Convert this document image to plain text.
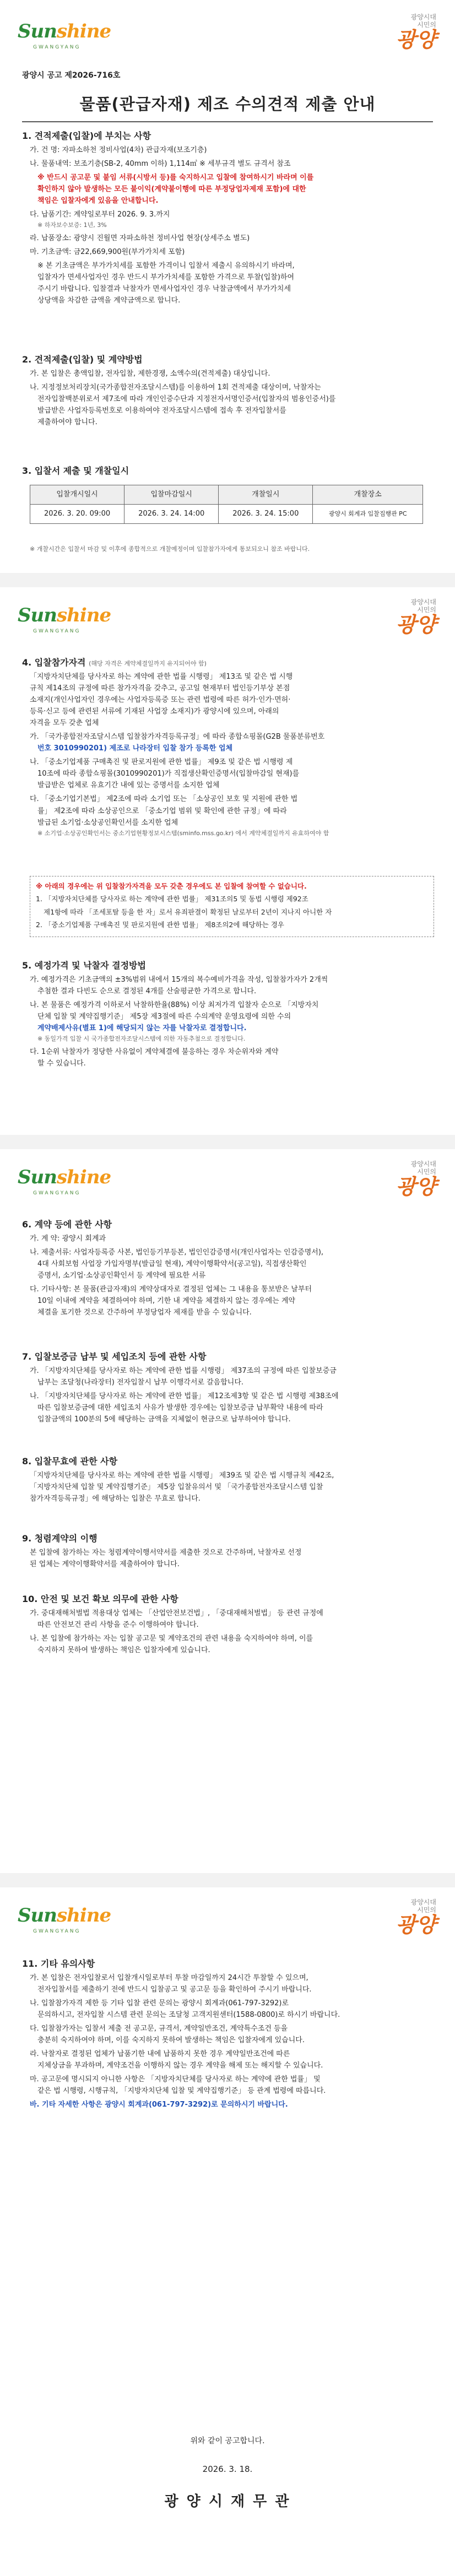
Sunshine
GWANGYANG
광양시대
시민의
광양
광양시 공고 제2026-716호
물품(관급자재) 제조 수의견적 제출 안내
1. 견적제출(입찰)에 부치는 사항

가. 건 명: 자파소하천 정비사업(4차) 관급자재(보조기층)

나. 물품내역: 보조기층(SB-2, 40mm 이하) 1,114㎥ ※ 세부규격 별도 규격서 참조

※ 반드시 공고문 및 붙임 서류(시방서 등)를 숙지하시고 입찰에 참여하시기 바라며 이를

확인하지 않아 발생하는 모든 불이익(계약불이행에 따른 부정당업자제재 포함)에 대한

책임은 입찰자에게 있음을 안내합니다.

다. 납품기간: 계약일로부터 2026. 9. 3.까지

※ 하자보수보증: 1년, 3%

라. 납품장소: 광양시 진월면 자파소하천 정비사업 현장(상세주소 별도)

마. 기초금액: 금22,669,900원(부가가치세 포함)

※ 본 기초금액은 부가가치세를 포함한 가격이니 입찰서 제출시 유의하시기 바라며,

입찰자가 면세사업자인 경우 반드시 부가가치세를 포함한 가격으로 투찰(입찰)하여

주시기 바랍니다. 입찰결과 낙찰자가 면세사업자인 경우 낙찰금액에서 부가가치세

상당액을 차감한 금액을 계약금액으로 합니다.

2. 견적제출(입찰) 및 계약방법

가. 본 입찰은 총액입찰, 전자입찰, 제한경쟁, 소액수의(견적제출) 대상입니다.

나. 지정정보처리장치(국가종합전자조달시스템)를 이용하여 1회 견적제출 대상이며, 낙찰자는

전자입찰백분위로서 제7조에 따라 개인인증수단과 지정전자서명인증서(입찰자의 범용인증서)를

발급받은 사업자등록번호로 이용하여야 전자조달시스템에 접속 후 전자입찰서를

제출하여야 합니다.

3. 입찰서 제출 및 개찰일시
입찰개시일시	입찰마감일시	개찰일시	개찰장소
2026. 3. 20. 09:00	2026. 3. 24. 14:00	2026. 3. 24. 15:00	광양시 회계과 입찰집행관 PC
※ 개찰시간은 입찰서 마감 및 이후에 종합적으로 개찰예정이며 입찰참가자에게 통보되오니 참조 바랍니다.
Sunshine
GWANGYANG
광양시대
시민의
광양
4. 입찰참가자격 (해당 자격은 계약체결일까지 유지되어야 함)

「지방자치단체를 당사자로 하는 계약에 관한 법률 시행령」 제13조 및 같은 법 시행

규칙 제14조의 규정에 따른 참가자격을 갖추고, 공고일 현재부터 법인등기부상 본점

소재지(개인사업자인 경우에는 사업자등록증 또는 관련 법령에 따른 허가·인가·면허·

등록·신고 등에 관련된 서류에 기재된 사업장 소재지)가 광양시에 있으며, 아래의

자격을 모두 갖춘 업체

가. 「국가종합전자조달시스템 입찰참가자격등록규정」에 따라 종합쇼핑몰(G2B 물품분류번호

번호 3010990201) 제조로 나라장터 입찰 참가 등록한 업체

나. 「중소기업제품 구매촉진 및 판로지원에 관한 법률」 제9조 및 같은 법 시행령 제

10조에 따라 종합쇼핑몰(3010990201)가 직접생산확인증명서(입찰마감일 현재)를

발급받은 업체로 유효기간 내에 있는 증명서를 소지한 업체

다. 「중소기업기본법」 제2조에 따라 소기업 또는 「소상공인 보호 및 지원에 관한 법

률」 제2조에 따라 소상공인으로 「중소기업 범위 및 확인에 관한 규정」에 따라

발급된 소기업·소상공인확인서를 소지한 업체

※ 소기업·소상공인확인서는 중소기업현황정보시스템(sminfo.mss.go.kr) 에서 계약체결일까지 유효하여야 함

※ 아래의 경우에는 위 입찰참가자격을 모두 갖춘 경우에도 본 입찰에 참여할 수 없습니다.

1. 「지방자치단체를 당사자로 하는 계약에 관한 법률」 제31조의5 및 동법 시행령 제92조

제1항에 따라 「조세포탈 등을 한 자」로서 유죄판결이 확정된 날로부터 2년이 지나지 아니한 자

2. 「중소기업제품 구매촉진 및 판로지원에 관한 법률」 제8조의2에 해당하는 경우

5. 예정가격 및 낙찰자 결정방법

가. 예정가격은 기초금액의 ±3%범위 내에서 15개의 복수예비가격을 작성, 입찰참가자가 2개씩

추첨한 결과 다빈도 순으로 결정된 4개를 산술평균한 가격으로 합니다.

나. 본 물품은 예정가격 이하로서 낙찰하한율(88%) 이상 최저가격 입찰자 순으로 「지방자치

단체 입찰 및 계약집행기준」 제5장 제3절에 따른 수의계약 운영요령에 의한 수의

계약배제사유(별표 1)에 해당되지 않는 자를 낙찰자로 결정합니다.

※ 동일가격 입찰 시 국가종합전자조달시스템에 의한 자동추첨으로 결정합니다.

다. 1순위 낙찰자가 정당한 사유없이 계약체결에 불응하는 경우 차순위자와 계약

할 수 있습니다.

Sunshine
GWANGYANG
광양시대
시민의
광양
6. 계약 등에 관한 사항

가. 계 약: 광양시 회계과

나. 제출서류: 사업자등록증 사본, 법인등기부등본, 법인인감증명서(개인사업자는 인감증명서),

4대 사회보험 사업장 가입자명부(발급일 현재), 계약이행확약서(공고일), 직접생산확인

증명서, 소기업·소상공인확인서 등 계약에 필요한 서류

다. 기타사항: 본 물품(관급자재)의 계약상대자로 결정된 업체는 그 내용을 통보받은 날부터

10일 이내에 계약을 체결하여야 하며, 기한 내 계약을 체결하지 않는 경우에는 계약

체결을 포기한 것으로 간주하여 부정당업자 제재를 받을 수 있습니다.

7. 입찰보증금 납부 및 세입조치 등에 관한 사항

가. 「지방자치단체를 당사자로 하는 계약에 관한 법률 시행령」 제37조의 규정에 따른 입찰보증금

납부는 조달청(나라장터) 전자입찰시 납부 이행각서로 갈음합니다.

나. 「지방자치단체를 당사자로 하는 계약에 관한 법률」 제12조제3항 및 같은 법 시행령 제38조에

따른 입찰보증금에 대한 세입조치 사유가 발생한 경우에는 입찰보증금 납부확약 내용에 따라

입찰금액의 100분의 5에 해당하는 금액을 지체없이 현금으로 납부하여야 합니다.

8. 입찰무효에 관한 사항

「지방자치단체를 당사자로 하는 계약에 관한 법률 시행령」 제39조 및 같은 법 시행규칙 제42조,

「지방자치단체 입찰 및 계약집행기준」 제5장 입찰유의서 및 「국가종합전자조달시스템 입찰

참가자격등록규정」에 해당하는 입찰은 무효로 합니다.

9. 청렴계약의 이행

본 입찰에 참가하는 자는 청렴계약이행서약서를 제출한 것으로 간주하며, 낙찰자로 선정

된 업체는 계약이행확약서를 제출하여야 합니다.

10. 안전 및 보건 확보 의무에 관한 사항

가. 중대재해처벌법 적용대상 업체는 「산업안전보건법」, 「중대재해처벌법」 등 관련 규정에

따른 안전보건 관리 사항을 준수 이행하여야 합니다.

나. 본 입찰에 참가하는 자는 입찰 공고문 및 계약조건의 관련 내용을 숙지하여야 하며, 이를

숙지하지 못하여 발생하는 책임은 입찰자에게 있습니다.

Sunshine
GWANGYANG
광양시대
시민의
광양
11. 기타 유의사항

가. 본 입찰은 전자입찰로서 입찰개시일로부터 투찰 마감일까지 24시간 투찰할 수 있으며,

전자입찰서를 제출하기 전에 반드시 입찰공고 및 공고문 등을 확인하여 주시기 바랍니다.

나. 입찰참가자격 제한 등 기타 입찰 관련 문의는 광양시 회계과(061-797-3292)로

문의하시고, 전자입찰 시스템 관련 문의는 조달청 고객지원센터(1588-0800)로 하시기 바랍니다.

다. 입찰참가자는 입찰서 제출 전 공고문, 규격서, 계약일반조건, 계약특수조건 등을

충분히 숙지하여야 하며, 이를 숙지하지 못하여 발생하는 책임은 입찰자에게 있습니다.

라. 낙찰자로 결정된 업체가 납품기한 내에 납품하지 못한 경우 계약일반조건에 따른

지체상금을 부과하며, 계약조건을 이행하지 않는 경우 계약을 해제 또는 해지할 수 있습니다.

마. 공고문에 명시되지 아니한 사항은 「지방자치단체를 당사자로 하는 계약에 관한 법률」 및

같은 법 시행령, 시행규칙, 「지방자치단체 입찰 및 계약집행기준」 등 관계 법령에 따릅니다.

바. 기타 자세한 사항은 광양시 회계과(061-797-3292)로 문의하시기 바랍니다.

위와 같이 공고합니다.
2026. 3. 18.
광 양 시 재 무 관
